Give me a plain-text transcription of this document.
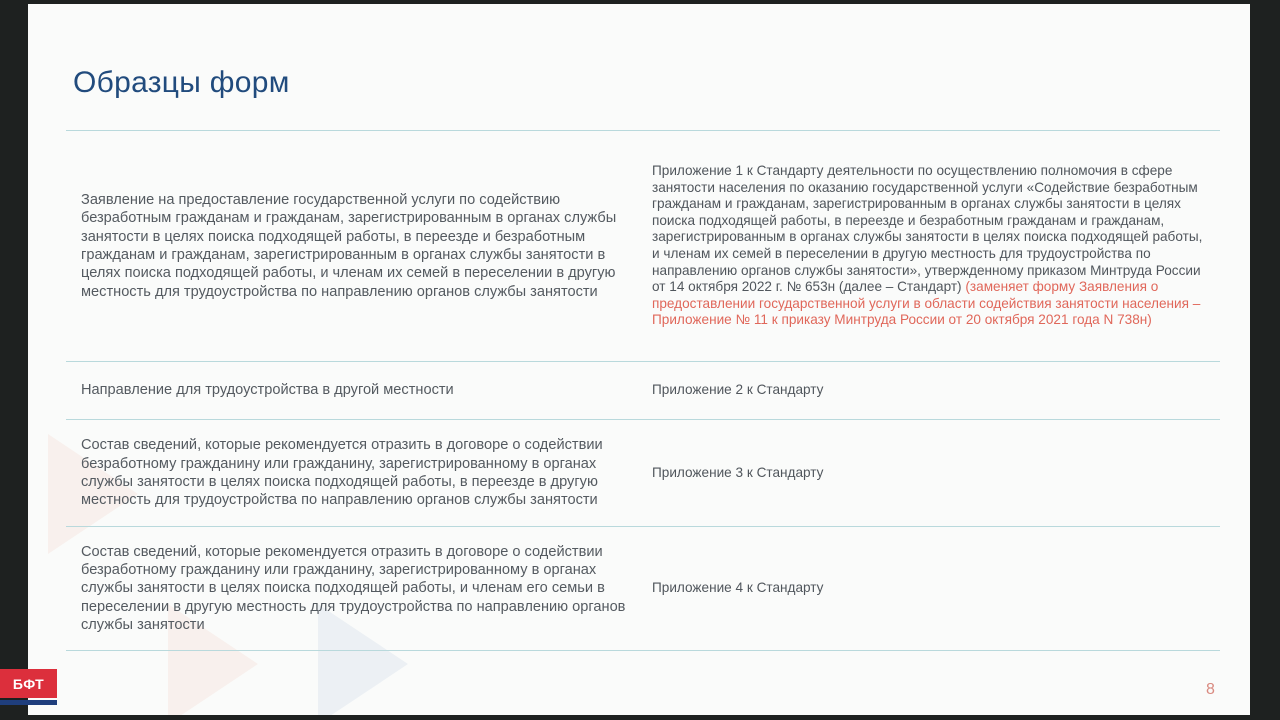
Образцы форм
Заявление на предоставление государственной услуги по содействию безработным гражданам и гражданам, зарегистрированным в органах службы занятости в целях поиска подходящей работы, в переезде и безработным гражданам и гражданам, зарегистрированным в органах службы занятости в целях поиска подходящей работы, и членам их семей в переселении в другую местность для трудоустройства по направлению органов службы занятости
Приложение 1 к Стандарту деятельности по осуществлению полномочия в сфере занятости населения по оказанию государственной услуги «Содействие безработным гражданам и гражданам, зарегистрированным в органах службы занятости в целях поиска подходящей работы, в переезде и безработным гражданам и гражданам, зарегистрированным в органах службы занятости в целях поиска подходящей работы, и членам их семей в переселении в другую местность для трудоустройства по направлению органов службы занятости», утвержденному приказом Минтруда России от 14 октября 2022 г. № 653н (далее – Стандарт) (заменяет форму Заявления о предоставлении государственной услуги в области содействия занятости населения – Приложение № 11 к приказу Минтруда России от 20 октября 2021 года N 738н)
Направление для трудоустройства в другой местности	Приложение 2 к Стандарту
Состав сведений, которые рекомендуется отразить в договоре о содействии безработному гражданину или гражданину, зарегистрированному в органах службы занятости в целях поиска подходящей работы, в переезде в другую местность для трудоустройства по направлению органов службы занятости
Приложение 3 к Стандарту
Состав сведений, которые рекомендуется отразить в договоре о содействии безработному гражданину или гражданину, зарегистрированному в органах службы занятости в целях поиска подходящей работы, и членам его семьи в переселении в другую местность для трудоустройства по направлению органов службы занятости
Приложение 4 к Стандарту
8
БФТ
